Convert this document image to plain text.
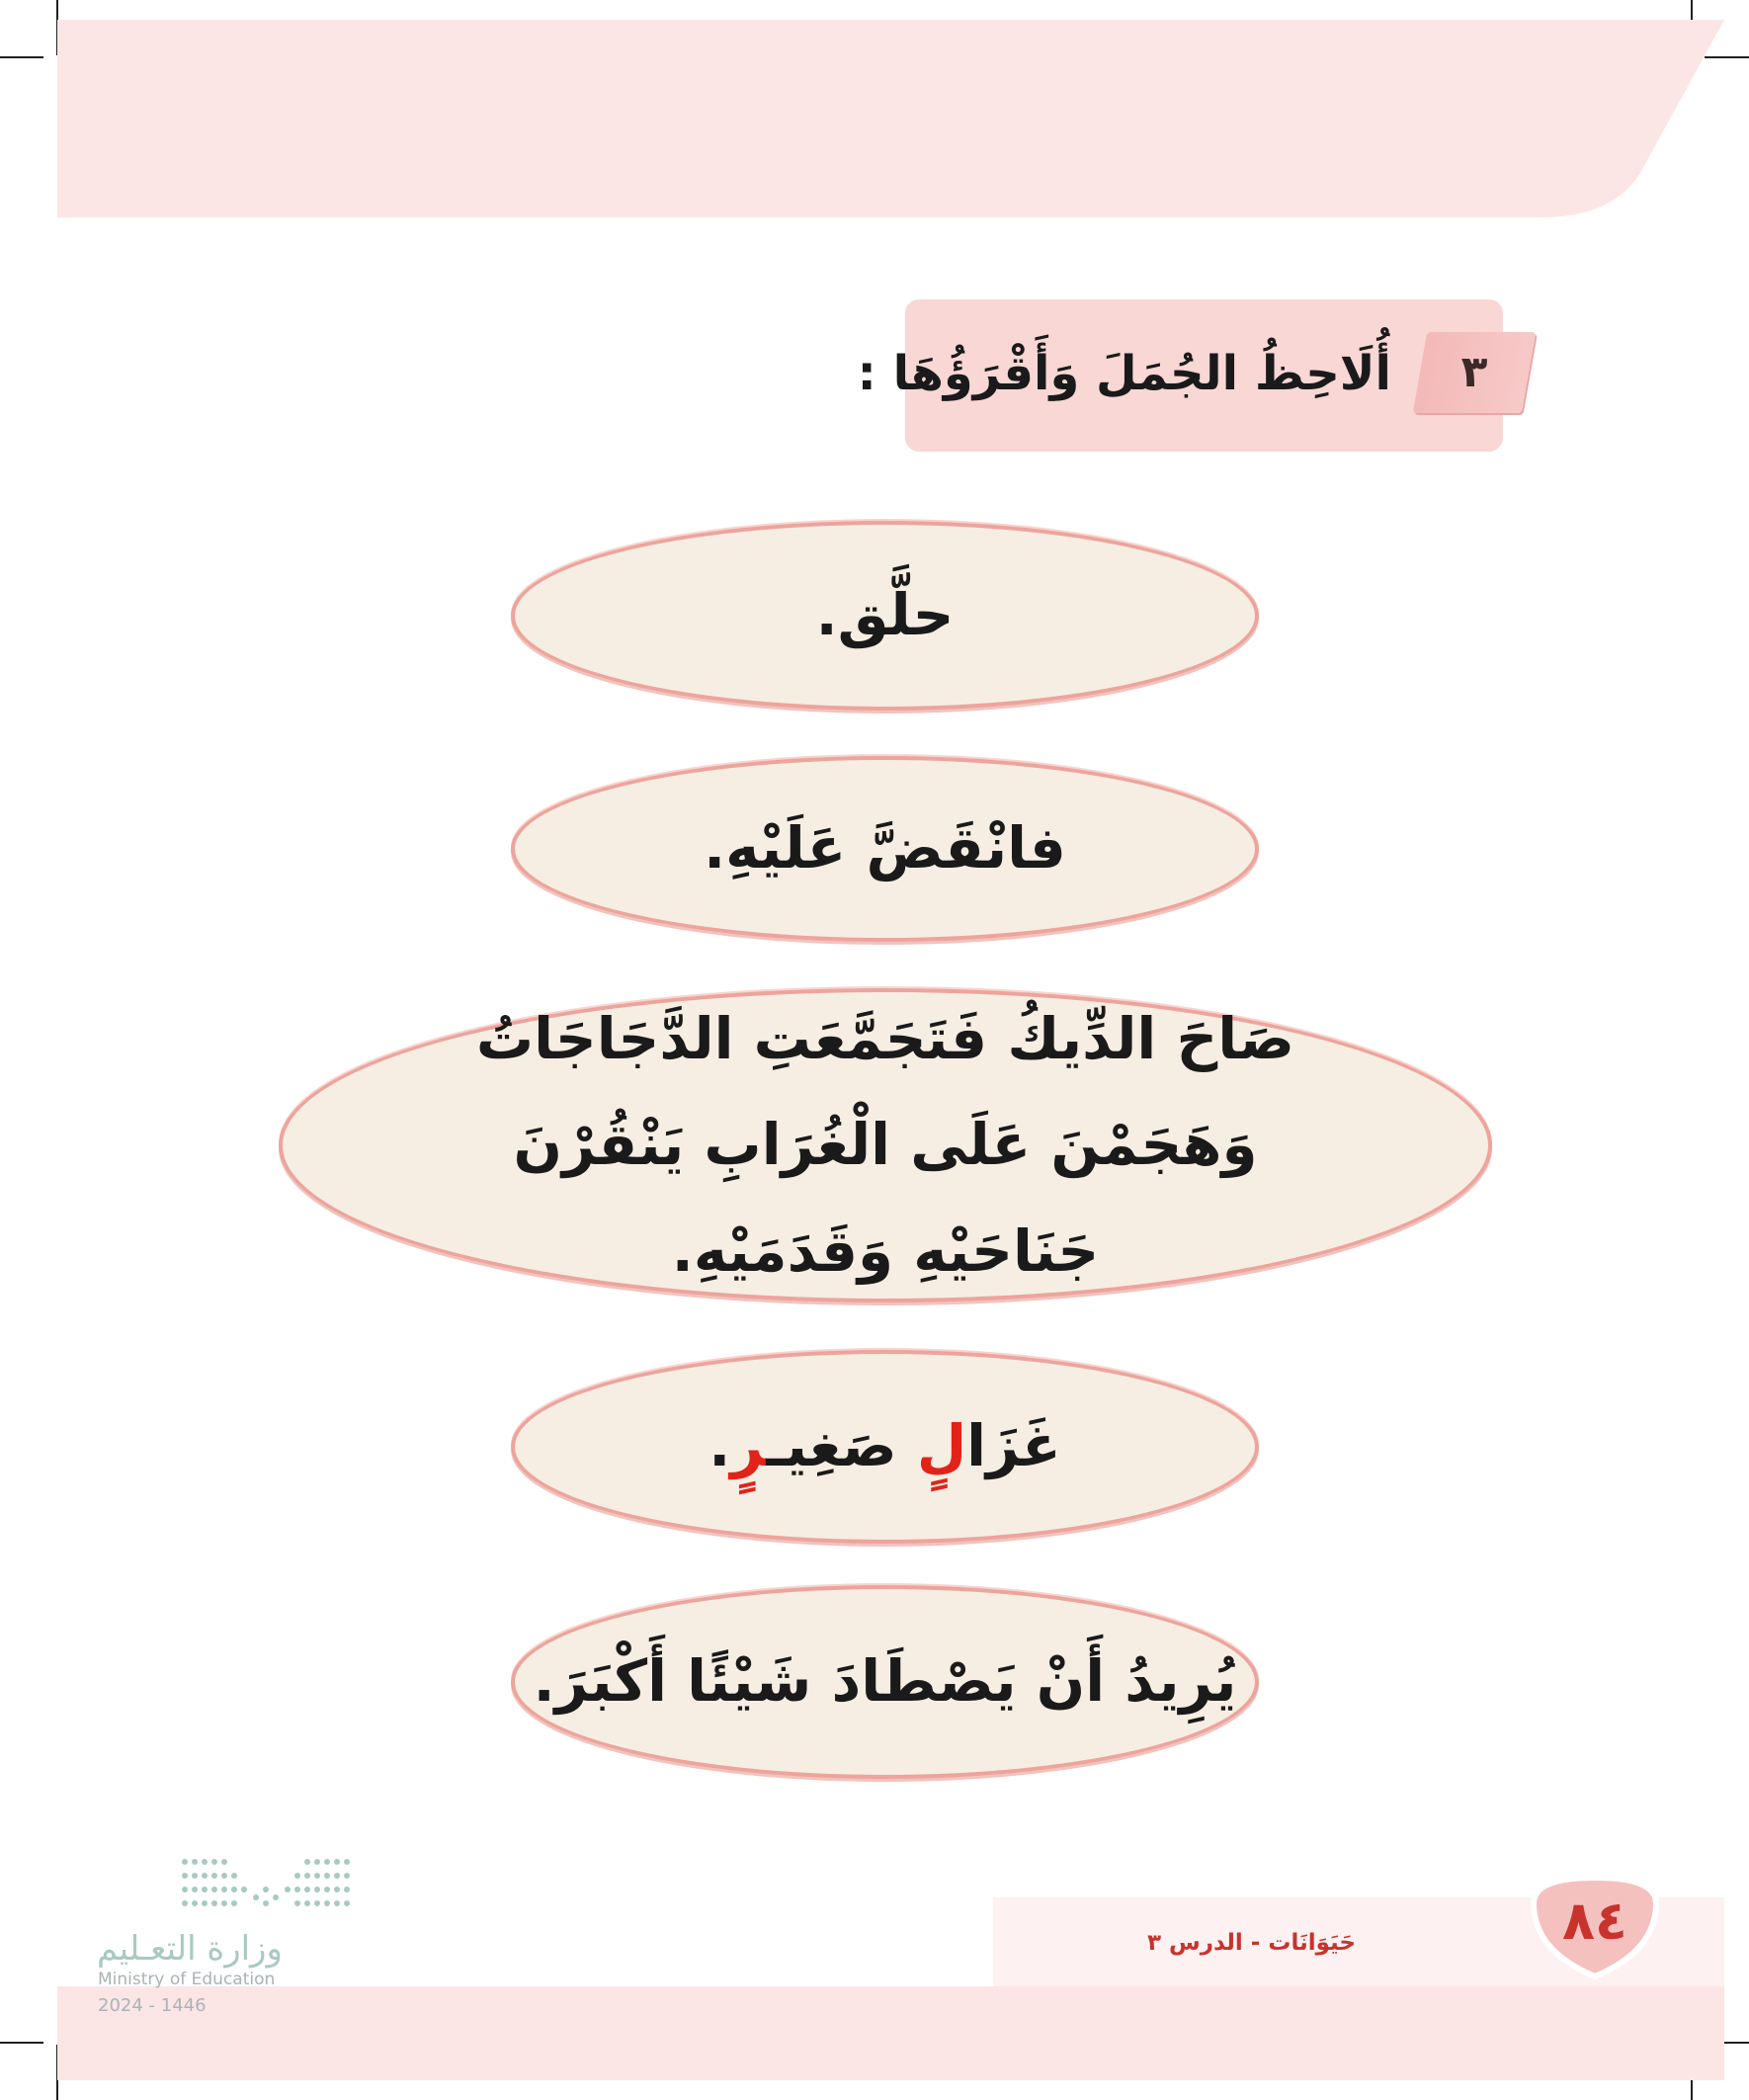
٣
أُلَاحِظُ الجُمَلَ وَأَقْرَؤُهَا :
حلَّق.
فانْقَضَّ عَلَيْهِ.
صَاحَ الدِّيكُ فَتَجَمَّعَتِ الدَّجَاجَاتُ وَهَجَمْنَ عَلَى الْغُرَابِ يَنْقُرْنَ جَنَاحَيْهِ وَقَدَمَيْهِ.
غَزَالٍ صَغِيـرٍ.
يُرِيدُ أَنْ يَصْطَادَ شَيْئًا أَكْبَرَ.
٨٤
حَيَوَانَات - الدرس ٣
وزارة التعـليم
Ministry of Education
2024 - 1446
